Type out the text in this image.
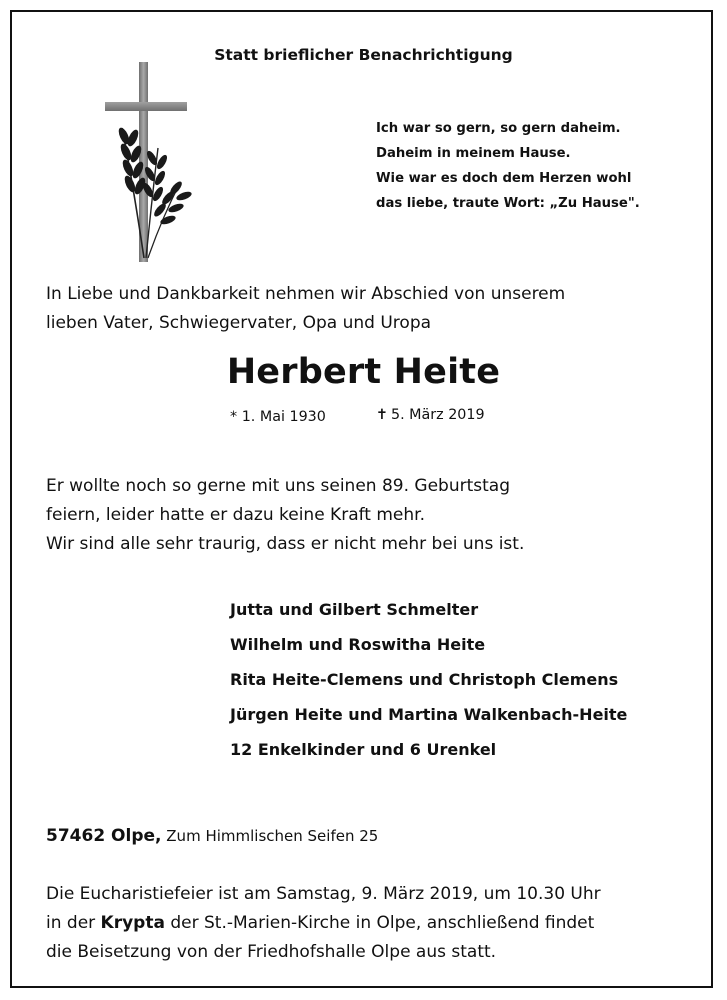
Statt brieflicher Benachrichtigung
Ich war so gern, so gern daheim.
Daheim in meinem Hause.
Wie war es doch dem Herzen wohl
das liebe, traute Wort: „Zu Hause".
In Liebe und Dankbarkeit nehmen wir Abschied von unserem
lieben Vater, Schwiegervater, Opa und Uropa
Herbert Heite
* 1. Mai 1930	✝ 5. März 2019
Er wollte noch so gerne mit uns seinen 89. Geburtstag
feiern, leider hatte er dazu keine Kraft mehr.
Wir sind alle sehr traurig, dass er nicht mehr bei uns ist.
Jutta und Gilbert Schmelter
Wilhelm und Roswitha Heite
Rita Heite-Clemens und Christoph Clemens
Jürgen Heite und Martina Walkenbach-Heite
12 Enkelkinder und 6 Urenkel
57462 Olpe, Zum Himmlischen Seifen 25
Die Eucharistiefeier ist am Samstag, 9. März 2019, um 10.30 Uhr
in der Krypta der St.-Marien-Kirche in Olpe, anschließend findet
die Beisetzung von der Friedhofshalle Olpe aus statt.
